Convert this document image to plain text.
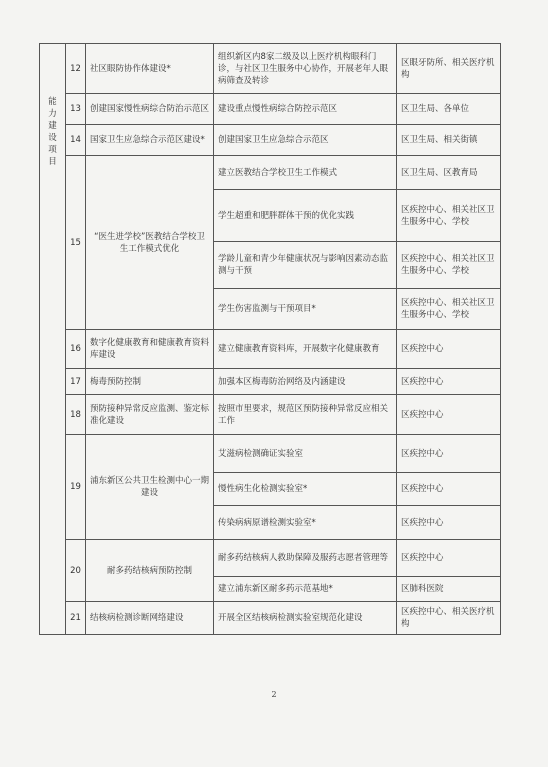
能力建设项目	12	社区眼防协作体建设*	组织新区内8家二级及以上医疗机构眼科门诊，与社区卫生服务中心协作，开展老年人眼病筛查及转诊	区眼牙防所、相关医疗机构
	13	创建国家慢性病综合防治示范区	建设重点慢性病综合防控示范区	区卫生局、各单位
	14	国家卫生应急综合示范区建设*	创建国家卫生应急综合示范区	区卫生局、相关街镇
	15	“医生进学校”医教结合学校卫生工作模式优化	建立医教结合学校卫生工作模式	区卫生局、区教育局
			学生超重和肥胖群体干预的优化实践	区疾控中心、相关社区卫生服务中心、学校
			学龄儿童和青少年健康状况与影响因素动态监测与干预	区疾控中心、相关社区卫生服务中心、学校
			学生伤害监测与干预项目*	区疾控中心、相关社区卫生服务中心、学校
	16	数字化健康教育和健康教育资料库建设	建立健康教育资料库，开展数字化健康教育	区疾控中心
	17	梅毒预防控制	加强本区梅毒防治网络及内涵建设	区疾控中心
	18	预防接种异常反应监测、鉴定标准化建设	按照市里要求，规范区预防接种异常反应相关工作	区疾控中心
	19	浦东新区公共卫生检测中心一期建设	艾滋病检测确证实验室	区疾控中心
			慢性病生化检测实验室*	区疾控中心
			传染病病原谱检测实验室*	区疾控中心
	20	耐多药结核病预防控制	耐多药结核病人救助保障及服药志愿者管理等	区疾控中心
			建立浦东新区耐多药示范基地*	区肺科医院
	21	结核病检测诊断网络建设	开展全区结核病检测实验室规范化建设	区疾控中心、相关医疗机构
2
